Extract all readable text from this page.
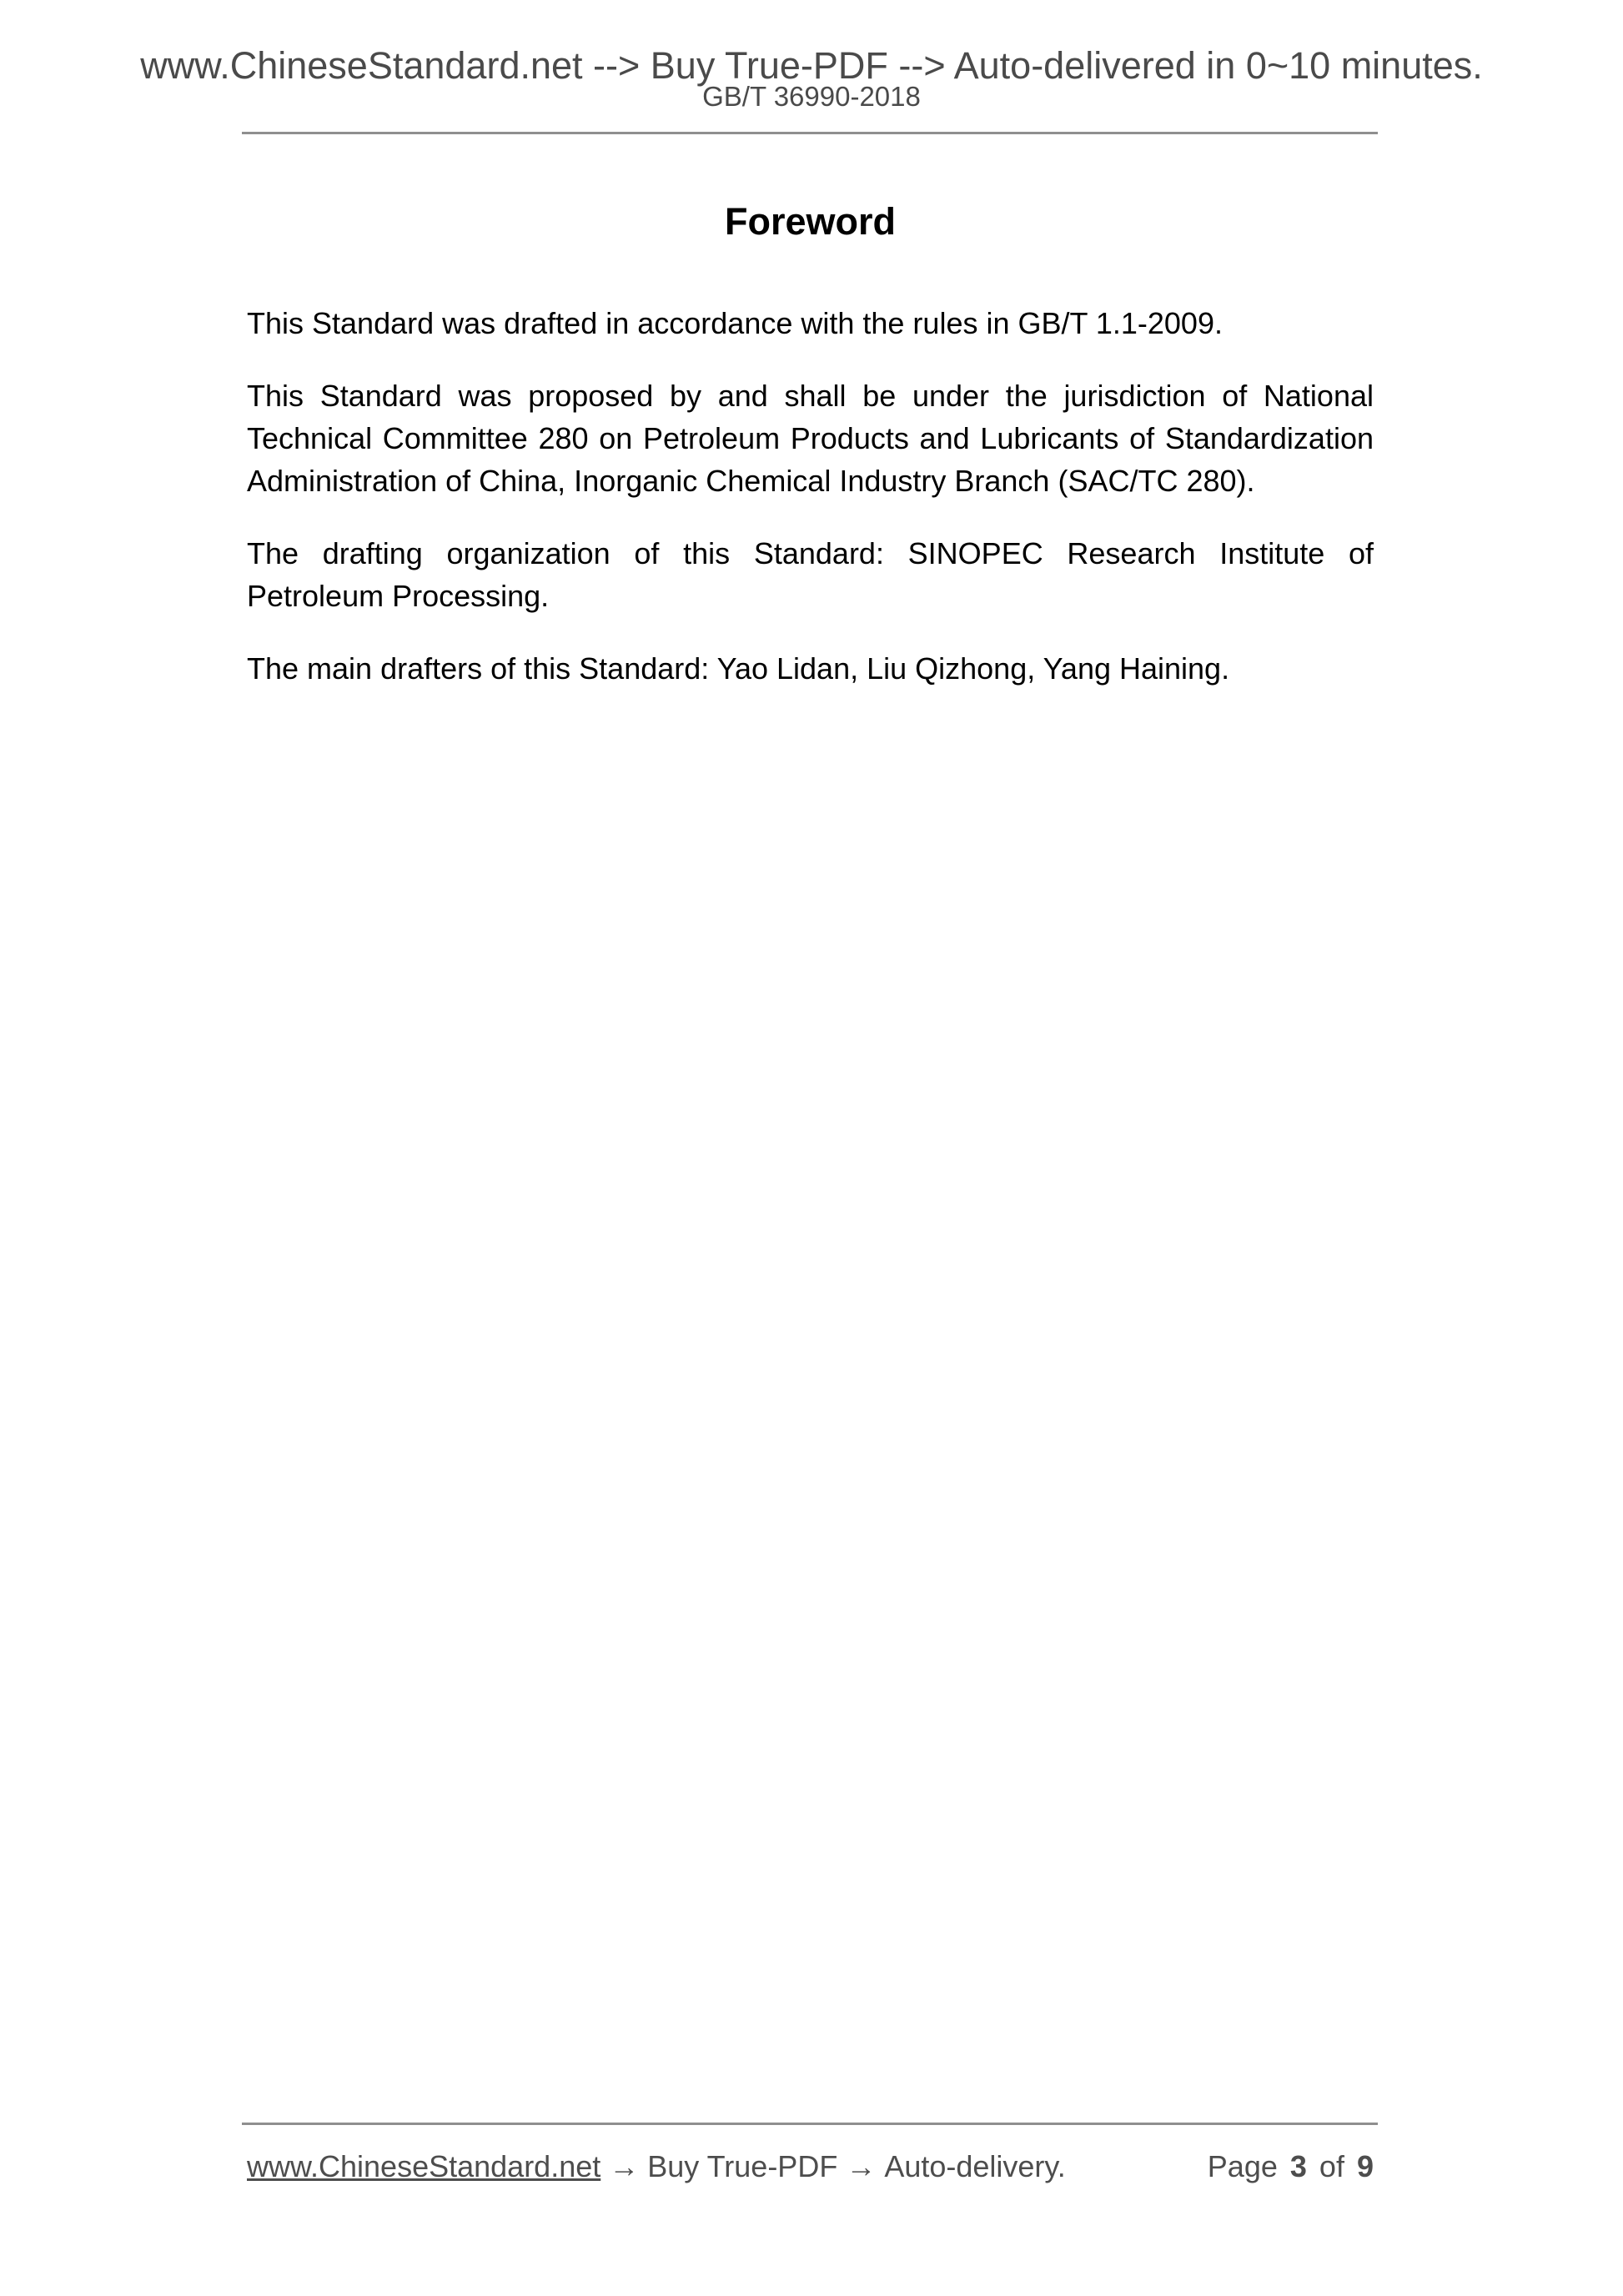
www.ChineseStandard.net --> Buy True-PDF --> Auto-delivered in 0~10 minutes.
GB/T 36990-2018
Foreword

This Standard was drafted in accordance with the rules in GB/T 1.1-2009.

This Standard was proposed by and shall be under the jurisdiction of National Technical Committee 280 on Petroleum Products and Lubricants of Standardization Administration of China, Inorganic Chemical Industry Branch (SAC/TC 280).

The drafting organization of this Standard: SINOPEC Research Institute of Petroleum Processing.

The main drafters of this Standard: Yao Lidan, Liu Qizhong, Yang Haining.

www.ChineseStandard.net → Buy True-PDF → Auto-delivery.	Page 3 of 9
